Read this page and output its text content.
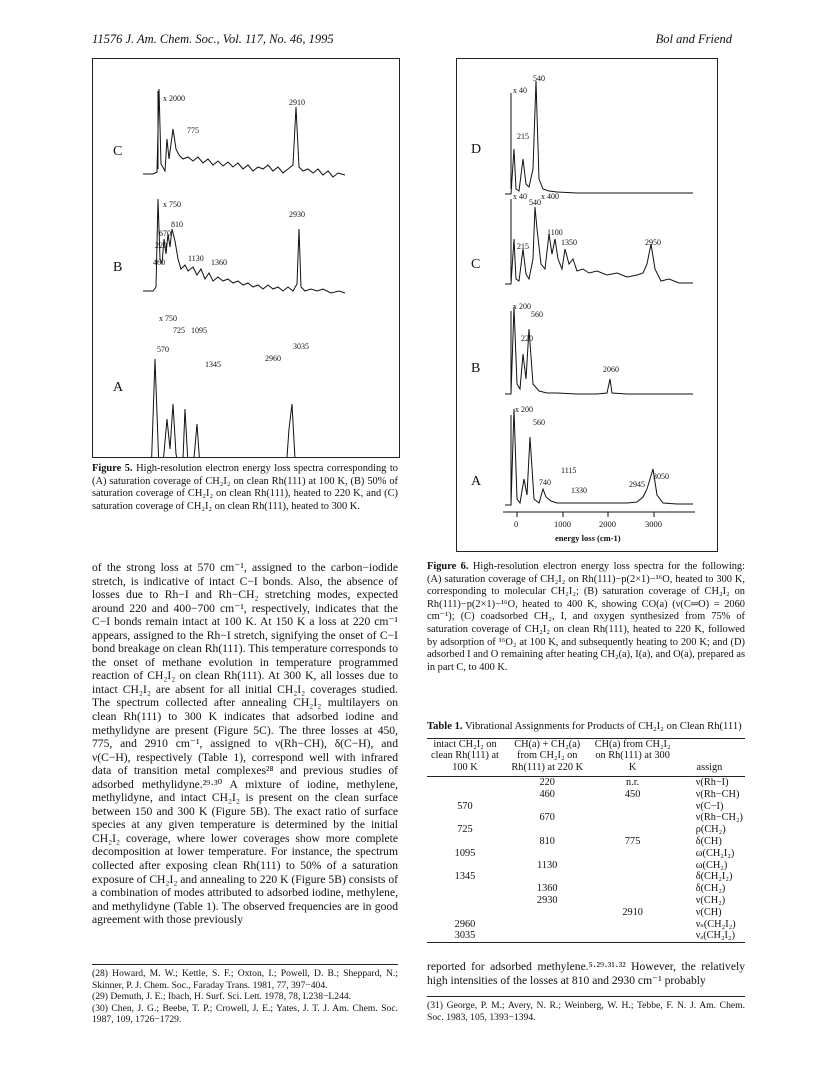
11576 J. Am. Chem. Soc., Vol. 117, No. 46, 1995	Bol and Friend
C
B
A
x 2000
775
2910
x 750
810
670
220
460	1130 1360
2930
x 750
725 1095
570
1345
3035
2960
Figure 5. High-resolution electron energy loss spectra corresponding to (A) saturation coverage of CH₂I₂ on clean Rh(111) at 100 K, (B) 50% of saturation coverage of CH₂I₂ on clean Rh(111), heated to 220 K, and (C) saturation coverage of CH₂I₂ on clean Rh(111), heated to 300 K.
D
C
B
A
540
x 40
215
x 40
540
x 400
1100
1350
215	2950
x 200
560
220
2060
x 200
560
1115
740
1330
2945
3050
0	1000	2000	3000
energy loss (cm-1)
Figure 6. High-resolution electron energy loss spectra for the following: (A) saturation coverage of CH₂I₂ on Rh(111)−p(2×1)−¹⁶O, heated to 300 K, corresponding to molecular CH₂I₂; (B) saturation coverage of CH₂I₂ on Rh(111)−p(2×1)−¹⁶O, heated to 400 K, showing CO(a) (ν(C═O) = 2060 cm⁻¹); (C) coadsorbed CH₂, I, and oxygen synthesized from 75% of saturation coverage of CH₂I₂ on clean Rh(111), heated to 220 K, followed by adsorption of ¹⁶O₂ at 100 K, and subsequently heating to 200 K; and (D) adsorbed I and O remaining after heating CH₂(a), I(a), and O(a), prepared as in part C, to 400 K.
of the strong loss at 570 cm⁻¹, assigned to the carbon−iodide stretch, is indicative of intact C−I bonds. Also, the absence of losses due to Rh−I and Rh−CH₂ stretching modes, expected around 220 and 400−700 cm⁻¹, respectively, indicates that the C−I bonds remain intact at 100 K. At 150 K a loss at 220 cm⁻¹ appears, assigned to the Rh−I stretch, signifying the onset of C−I bond breakage on clean Rh(111). This temperature corresponds to the onset of methane evolution in temperature programmed reaction of CH₂I₂ on clean Rh(111). At 300 K, all losses due to intact CH₂I₂ are absent for all initial CH₂I₂ coverages studied. The spectrum collected after annealing CH₂I₂ multilayers on clean Rh(111) to 300 K indicates that adsorbed iodine and methylidyne are present (Figure 5C). The three losses at 450, 775, and 2910 cm⁻¹, assigned to ν(Rh−CH), δ(C−H), and ν(C−H), respectively (Table 1), correspond well with infrared data of transition metal complexes²⁸ and previous studies of adsorbed methylidyne.²⁹·³⁰ A mixture of iodine, methylene, methylidyne, and intact CH₂I₂ is present on the clean surface between 150 and 300 K (Figure 5B). The exact ratio of surface species at any given temperature is determined by the initial CH₂I₂ coverage, where lower coverages show more complete decomposition at lower temperature. For instance, the spectrum collected after exposing clean Rh(111) to 50% of a saturation exposure of CH₂I₂ and annealing to 220 K (Figure 5B) consists of a combination of modes attributed to adsorbed iodine, methylene, and methylidyne (Table 1). The observed frequencies are in good agreement with those previously

(28) Howard, M. W.; Kettle, S. F.; Oxton, I.; Powell, D. B.; Sheppard, N.; Skinner, P. J. Chem. Soc., Faraday Trans. 1981, 77, 397−404.

(29) Demuth, J. E.; Ibach, H. Surf. Sci. Lett. 1978, 78, L238−L244.

(30) Chen, J. G.; Beebe, T. P.; Crowell, J. E.; Yates, J. T. J. Am. Chem. Soc. 1987, 109, 1726−1729.

Table 1. Vibrational Assignments for Products of CH₂I₂ on Clean Rh(111)
intact CH₂I₂ on clean Rh(111) at 100 K	CH(a) + CH₂(a) from CH₂I₂ on Rh(111) at 220 K	CH(a) from CH₂I₂ on Rh(111) at 300 K	assign
	220	n.r.	ν(Rh−I)
	460	450	ν(Rh−CH)
570			ν(C−I)
	670		ν(Rh−CH₂)
725			ρ(CH₂)
	810	775	δ(CH)
1095			ω(CH₂I₂)
	1130		ω(CH₂)
1345			δ(CH₂I₂)
	1360		δ(CH₂)
	2930		ν(CH₂)
		2910	ν(CH)
2960			νₛ(CH₂I₂)
3035			νₐ(CH₂I₂)
reported for adsorbed methylene.⁵·²⁹·³¹·³² However, the relatively high intensities of the losses at 810 and 2930 cm⁻¹ probably

(31) George, P. M.; Avery, N. R.; Weinberg, W. H.; Tebbe, F. N. J. Am. Chem. Soc. 1983, 105, 1393−1394.
